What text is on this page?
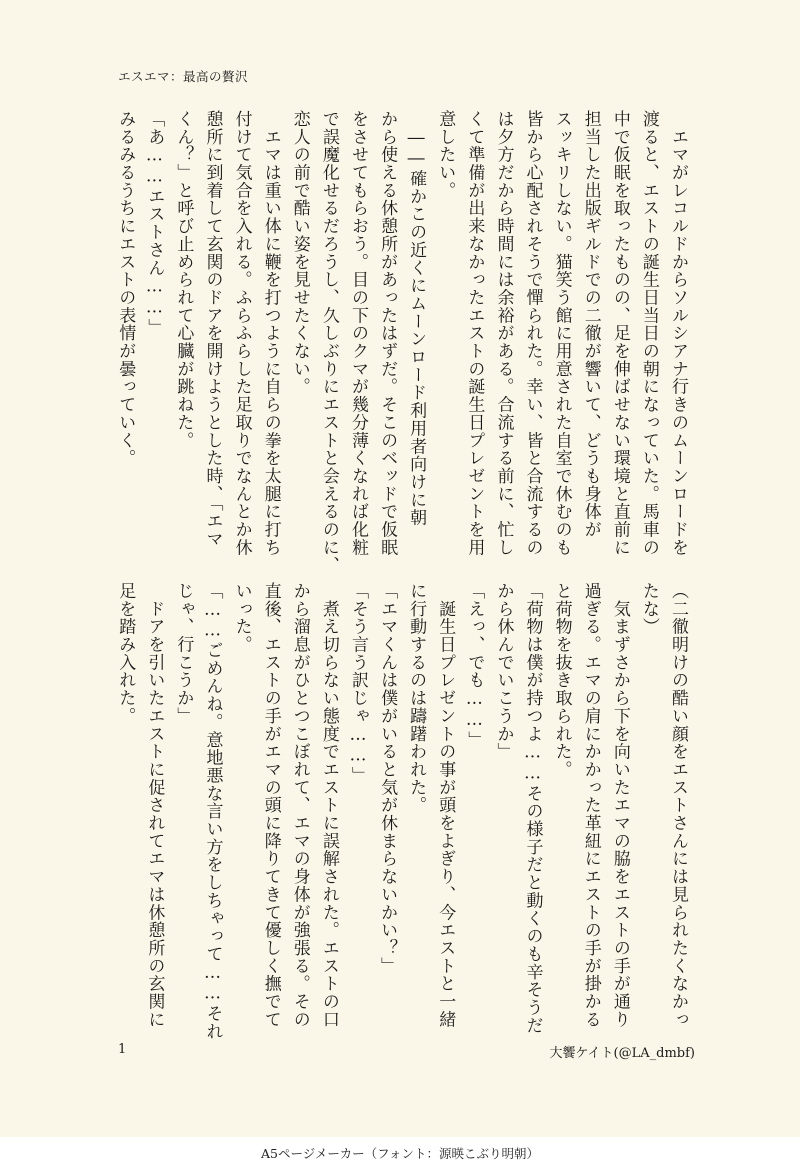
エスエマ：最高の贅沢

　エマがレコルドからソルシアナ行きのムーンロードを

渡ると、エストの誕生日当日の朝になっていた。馬車の

中で仮眠を取ったものの、足を伸ばせない環境と直前に

担当した出版ギルドでの二徹が響いて、どうも身体が

スッキリしない。猫笑う館に用意された自室で休むのも

皆から心配されそうで憚られた。幸い、皆と合流するの

は夕方だから時間には余裕がある。合流する前に、忙し

くて準備が出来なかったエストの誕生日プレゼントを用

意したい。

　――確かこの近くにムーンロード利用者向けに朝

から使える休憩所があったはずだ。そこのベッドで仮眠

をさせてもらおう。目の下のクマが幾分薄くなれば化粧

で誤魔化せるだろうし、久しぶりにエストと会えるのに、

恋人の前で酷い姿を見せたくない。

　エマは重い体に鞭を打つように自らの拳を太腿に打ち

付けて気合を入れる。ふらふらした足取りでなんとか休

憩所に到着して玄関のドアを開けようとした時、「エマ

くん？」と呼び止められて心臓が跳ねた。

「あ……エストさん……」

みるみるうちにエストの表情が曇っていく。

（二徹明けの酷い顔をエストさんには見られたくなかっ

たな）

　気まずさから下を向いたエマの脇をエストの手が通り

過ぎる。エマの肩にかかった革紐にエストの手が掛かる

と荷物を抜き取られた。

「荷物は僕が持つよ……その様子だと動くのも辛そうだ

から休んでいこうか」

「えっ、でも……」

　誕生日プレゼントの事が頭をよぎり、今エストと一緒

に行動するのは躊躇われた。

「エマくんは僕がいると気が休まらないかい？」

「そう言う訳じゃ……」

　煮え切らない態度でエストに誤解された。エストの口

から溜息がひとつこぼれて、エマの身体が強張る。その

直後、エストの手がエマの頭に降りてきて優しく撫でて

いった。

「……ごめんね。意地悪な言い方をしちゃって……それ

じゃ、行こうか」

　ドアを引いたエストに促されてエマは休憩所の玄関に

足を踏み入れた。

1	大饗ケイト(@LA_dmbf)
A5ページメーカー（フォント：源暎こぶり明朝）
